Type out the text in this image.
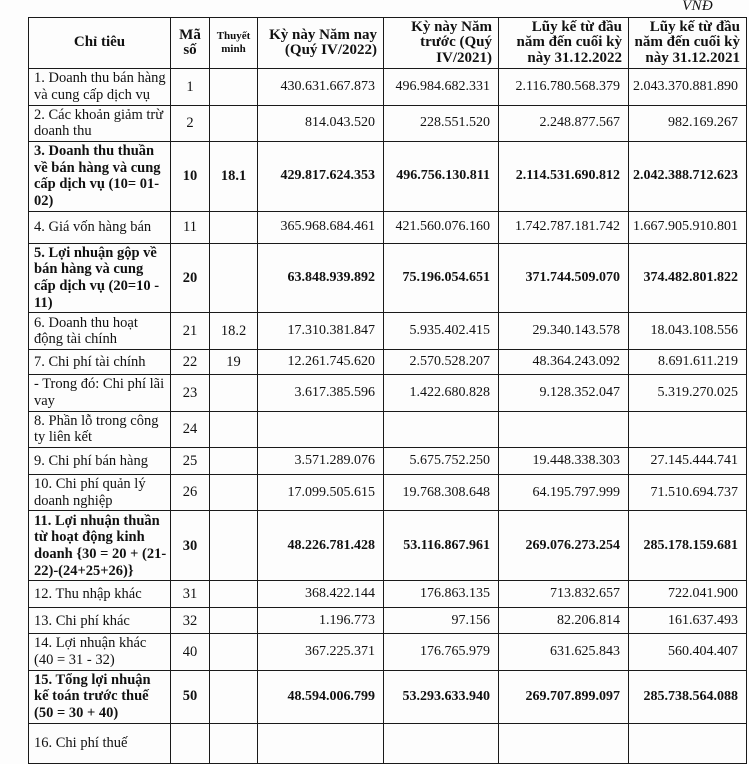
VNĐ
Chỉ tiêu	Mã số	Thuyết minh	Kỳ này Năm nay (Quý IV/2022)	Kỳ này Năm trước (Quý IV/2021)	Lũy kế từ đầu năm đến cuối kỳ này 31.12.2022	Lũy kế từ đầu năm đến cuối kỳ này 31.12.2021
1. Doanh thu bán hàng và cung cấp dịch vụ	1		430.631.667.873	496.984.682.331	2.116.780.568.379	2.043.370.881.890
2. Các khoản giảm trừ doanh thu	2		814.043.520	228.551.520	2.248.877.567	982.169.267
3. Doanh thu thuần về bán hàng và cung cấp dịch vụ (10= 01-02)	10	18.1	429.817.624.353	496.756.130.811	2.114.531.690.812	2.042.388.712.623
4. Giá vốn hàng bán	11		365.968.684.461	421.560.076.160	1.742.787.181.742	1.667.905.910.801
5. Lợi nhuận gộp về bán hàng và cung cấp dịch vụ (20=10 - 11)	20		63.848.939.892	75.196.054.651	371.744.509.070	374.482.801.822
6. Doanh thu hoạt động tài chính	21	18.2	17.310.381.847	5.935.402.415	29.340.143.578	18.043.108.556
7. Chi phí tài chính	22	19	12.261.745.620	2.570.528.207	48.364.243.092	8.691.611.219
- Trong đó: Chi phí lãi vay	23		3.617.385.596	1.422.680.828	9.128.352.047	5.319.270.025
8. Phần lỗ trong công ty liên kết	24					
9. Chi phí bán hàng	25		3.571.289.076	5.675.752.250	19.448.338.303	27.145.444.741
10. Chi phí quản lý doanh nghiệp	26		17.099.505.615	19.768.308.648	64.195.797.999	71.510.694.737
11. Lợi nhuận thuần từ hoạt động kinh doanh {30 = 20 + (21-22)-(24+25+26)}	30		48.226.781.428	53.116.867.961	269.076.273.254	285.178.159.681
12. Thu nhập khác	31		368.422.144	176.863.135	713.832.657	722.041.900
13. Chi phí khác	32		1.196.773	97.156	82.206.814	161.637.493
14. Lợi nhuận khác (40 = 31 - 32)	40		367.225.371	176.765.979	631.625.843	560.404.407
15. Tổng lợi nhuận kế toán trước thuế (50 = 30 + 40)	50		48.594.006.799	53.293.633.940	269.707.899.097	285.738.564.088
16. Chi phí thuế						
